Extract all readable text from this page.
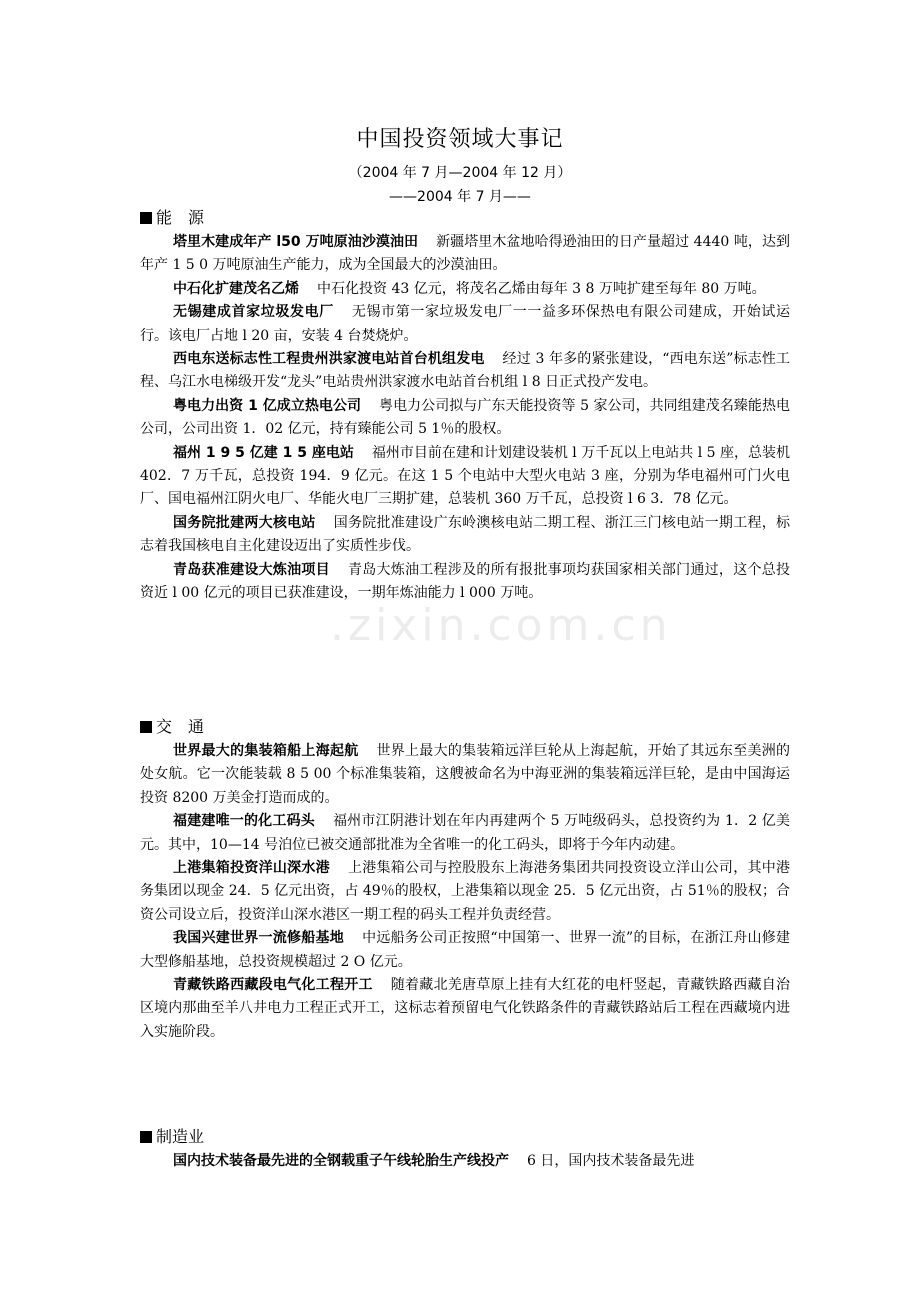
.zixin.com.cn
中国投资领域大事记
（2004 年 7 月—2004 年 12 月）
——2004 年 7 月——
能　源

塔里木建成年产 l50 万吨原油沙漠油田 新疆塔里木盆地哈得逊油田的日产量超过 4440 吨，达到年产 1 5 0 万吨原油生产能力，成为全国最大的沙漠油田。

中石化扩建茂名乙烯 中石化投资 43 亿元，将茂名乙烯由每年 3 8 万吨扩建至每年 80 万吨。

无锡建成首家垃圾发电厂 无锡市第一家垃圾发电厂一一益多环保热电有限公司建成，开始试运行。该电厂占地 l 20 亩，安装 4 台焚烧炉。

西电东送标志性工程贵州洪家渡电站首台机组发电 经过 3 年多的紧张建设，“西电东送”标志性工程、乌江水电梯级开发“龙头”电站贵州洪家渡水电站首台机组 l 8 日正式投产发电。

粤电力出资 1 亿成立热电公司 粤电力公司拟与广东天能投资等 5 家公司，共同组建茂名臻能热电公司，公司出资 1．02 亿元，持有臻能公司 5 1％的股权。

福州 1 9 5 亿建 1 5 座电站 福州市目前在建和计划建设装机 l 万千瓦以上电站共 l 5 座，总装机 402．7 万千瓦，总投资 194．9 亿元。在这 1 5 个电站中大型火电站 3 座，分别为华电福州可门火电厂、国电福州江阴火电厂、华能火电厂三期扩建，总装机 360 万千瓦，总投资 l 6 3．78 亿元。

国务院批建两大核电站 国务院批准建设广东岭澳核电站二期工程、浙江三门核电站一期工程，标志着我国核电自主化建设迈出了实质性步伐。

青岛获准建设大炼油项目 青岛大炼油工程涉及的所有报批事项均获国家相关部门通过，这个总投资近 l 00 亿元的项目已获准建设，一期年炼油能力 l 000 万吨。

交　通

世界最大的集装箱船上海起航 世界上最大的集装箱远洋巨轮从上海起航，开始了其远东至美洲的处女航。它一次能装载 8 5 00 个标准集装箱，这艘被命名为中海亚洲的集装箱远洋巨轮，是由中国海运投资 8200 万美金打造而成的。

福建建唯一的化工码头 福州市江阴港计划在年内再建两个 5 万吨级码头，总投资约为 1．2 亿美元。其中，10—14 号泊位已被交通部批准为全省唯一的化工码头，即将于今年内动建。

上港集箱投资洋山深水港 上港集箱公司与控股股东上海港务集团共同投资设立洋山公司，其中港务集团以现金 24．5 亿元出资，占 49％的股权，上港集箱以现金 25．5 亿元出资，占 51％的股权；合资公司设立后，投资洋山深水港区一期工程的码头工程并负责经营。

我国兴建世界一流修船基地 中远船务公司正按照“中国第一、世界一流”的目标，在浙江舟山修建大型修船基地，总投资规模超过 2 O 亿元。

青藏铁路西藏段电气化工程开工 随着藏北羌唐草原上挂有大红花的电杆竖起，青藏铁路西藏自治区境内那曲至羊八井电力工程正式开工，这标志着预留电气化铁路条件的青藏铁路站后工程在西藏境内进入实施阶段。

制造业

国内技术装备最先进的全钢载重子午线轮胎生产线投产 6 日，国内技术装备最先进
